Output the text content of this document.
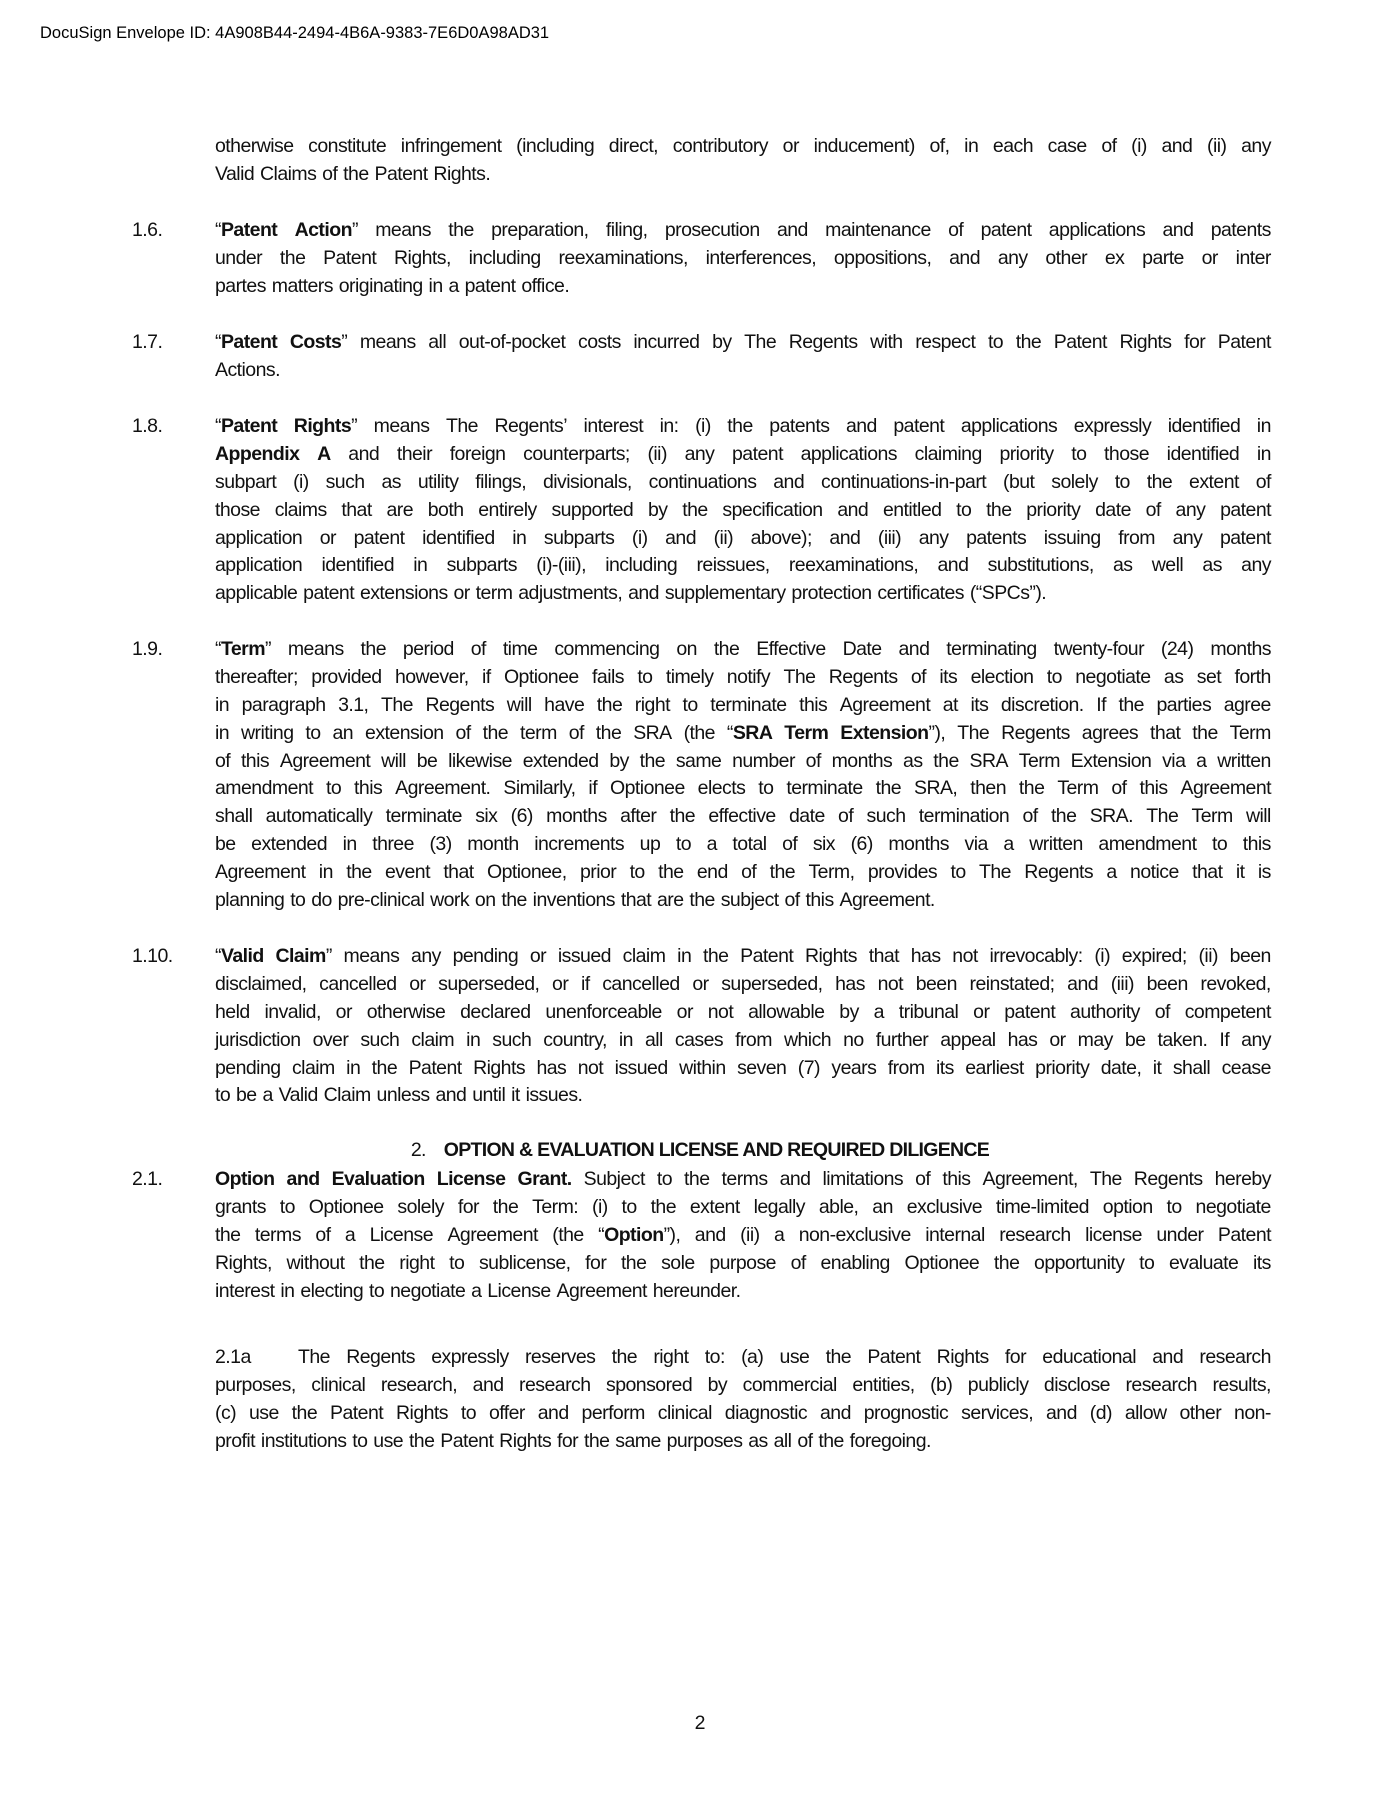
DocuSign Envelope ID: 4A908B44-2494-4B6A-9383-7E6D0A98AD31
otherwise constitute infringement (including direct, contributory or inducement) of, in each case of (i) and (ii) any
Valid Claims of the Patent Rights.
1.6.	“Patent Action” means the preparation, filing, prosecution and maintenance of patent applications and patents
under the Patent Rights, including reexaminations, interferences, oppositions, and any other ex parte or inter
partes matters originating in a patent office.
1.7.	“Patent Costs” means all out-of-pocket costs incurred by The Regents with respect to the Patent Rights for Patent
Actions.
1.8.	“Patent Rights” means The Regents’ interest in: (i) the patents and patent applications expressly identified in
Appendix A and their foreign counterparts; (ii) any patent applications claiming priority to those identified in
subpart (i) such as utility filings, divisionals, continuations and continuations-in-part (but solely to the extent of
those claims that are both entirely supported by the specification and entitled to the priority date of any patent
application or patent identified in subparts (i) and (ii) above); and (iii) any patents issuing from any patent
application identified in subparts (i)-(iii), including reissues, reexaminations, and substitutions, as well as any
applicable patent extensions or term adjustments, and supplementary protection certificates (“SPCs”).
1.9.	“Term” means the period of time commencing on the Effective Date and terminating twenty-four (24) months
thereafter; provided however, if Optionee fails to timely notify The Regents of its election to negotiate as set forth
in paragraph 3.1, The Regents will have the right to terminate this Agreement at its discretion. If the parties agree
in writing to an extension of the term of the SRA (the “SRA Term Extension”), The Regents agrees that the Term
of this Agreement will be likewise extended by the same number of months as the SRA Term Extension via a written
amendment to this Agreement. Similarly, if Optionee elects to terminate the SRA, then the Term of this Agreement
shall automatically terminate six (6) months after the effective date of such termination of the SRA. The Term will
be extended in three (3) month increments up to a total of six (6) months via a written amendment to this
Agreement in the event that Optionee, prior to the end of the Term, provides to The Regents a notice that it is
planning to do pre-clinical work on the inventions that are the subject of this Agreement.
1.10.	“Valid Claim” means any pending or issued claim in the Patent Rights that has not irrevocably: (i) expired; (ii) been
disclaimed, cancelled or superseded, or if cancelled or superseded, has not been reinstated; and (iii) been revoked,
held invalid, or otherwise declared unenforceable or not allowable by a tribunal or patent authority of competent
jurisdiction over such claim in such country, in all cases from which no further appeal has or may be taken. If any
pending claim in the Patent Rights has not issued within seven (7) years from its earliest priority date, it shall cease
to be a Valid Claim unless and until it issues.
2. OPTION & EVALUATION LICENSE AND REQUIRED DILIGENCE
2.1.	Option and Evaluation License Grant. Subject to the terms and limitations of this Agreement, The Regents hereby
grants to Optionee solely for the Term: (i) to the extent legally able, an exclusive time-limited option to negotiate
the terms of a License Agreement (the “Option”), and (ii) a non-exclusive internal research license under Patent
Rights, without the right to sublicense, for the sole purpose of enabling Optionee the opportunity to evaluate its
interest in electing to negotiate a License Agreement hereunder.
2.1a	The Regents expressly reserves the right to: (a) use the Patent Rights for educational and research
purposes, clinical research, and research sponsored by commercial entities, (b) publicly disclose research results,
(c) use the Patent Rights to offer and perform clinical diagnostic and prognostic services, and (d) allow other non-
profit institutions to use the Patent Rights for the same purposes as all of the foregoing.
2
